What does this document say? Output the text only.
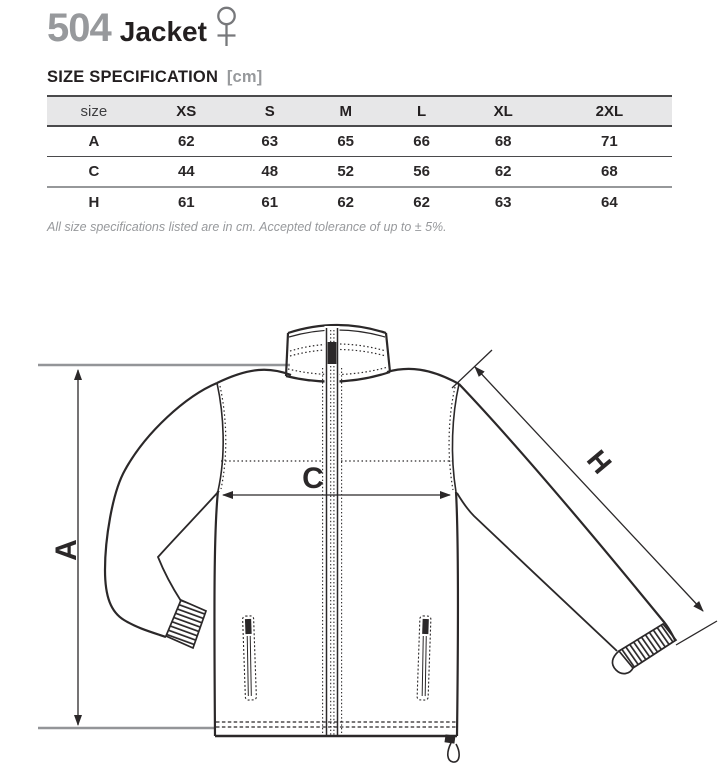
504 Jacket
SIZE SPECIFICATION [cm]
size	XS	S	M	L	XL	2XL
A	62	63	65	66	68	71
C	44	48	52	56	62	68
H	61	61	62	62	63	64
All size specifications listed are in cm. Accepted tolerance of up to ± 5%.
A
C	H
